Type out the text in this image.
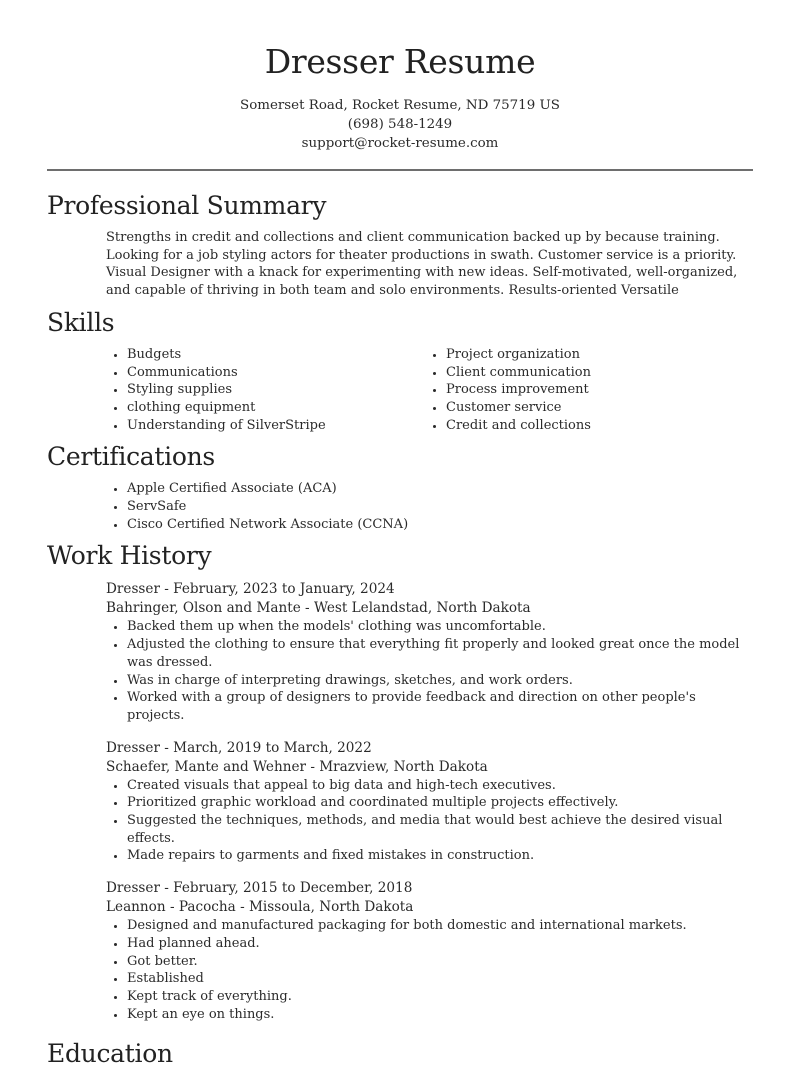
Dresser Resume
Somerset Road, Rocket Resume, ND 75719 US
(698) 548-1249
support@rocket-resume.com
Professional Summary

Strengths in credit and collections and client communication backed up by because training. Looking for a job styling actors for theater productions in swath. Customer service is a priority. Visual Designer with a knack for experimenting with new ideas. Self-motivated, well-organized, and capable of thriving in both team and solo environments. Results-oriented Versatile

Skills
• Budgets
• Communications
• Styling supplies
• clothing equipment
• Understanding of SilverStripe
• Project organization
• Client communication
• Process improvement
• Customer service
• Credit and collections
Certifications
• Apple Certified Associate (ACA)
• ServSafe
• Cisco Certified Network Associate (CCNA)
Work History
Dresser - February, 2023 to January, 2024
Bahringer, Olson and Mante - West Lelandstad, North Dakota
• Backed them up when the models' clothing was uncomfortable.
• Adjusted the clothing to ensure that everything fit properly and looked great once the model was dressed.
• Was in charge of interpreting drawings, sketches, and work orders.
• Worked with a group of designers to provide feedback and direction on other people's projects.
Dresser - March, 2019 to March, 2022
Schaefer, Mante and Wehner - Mrazview, North Dakota
• Created visuals that appeal to big data and high-tech executives.
• Prioritized graphic workload and coordinated multiple projects effectively.
• Suggested the techniques, methods, and media that would best achieve the desired visual effects.
• Made repairs to garments and fixed mistakes in construction.
Dresser - February, 2015 to December, 2018
Leannon - Pacocha - Missoula, North Dakota
• Designed and manufactured packaging for both domestic and international markets.
• Had planned ahead.
• Got better.
• Established
• Kept track of everything.
• Kept an eye on things.
Education
